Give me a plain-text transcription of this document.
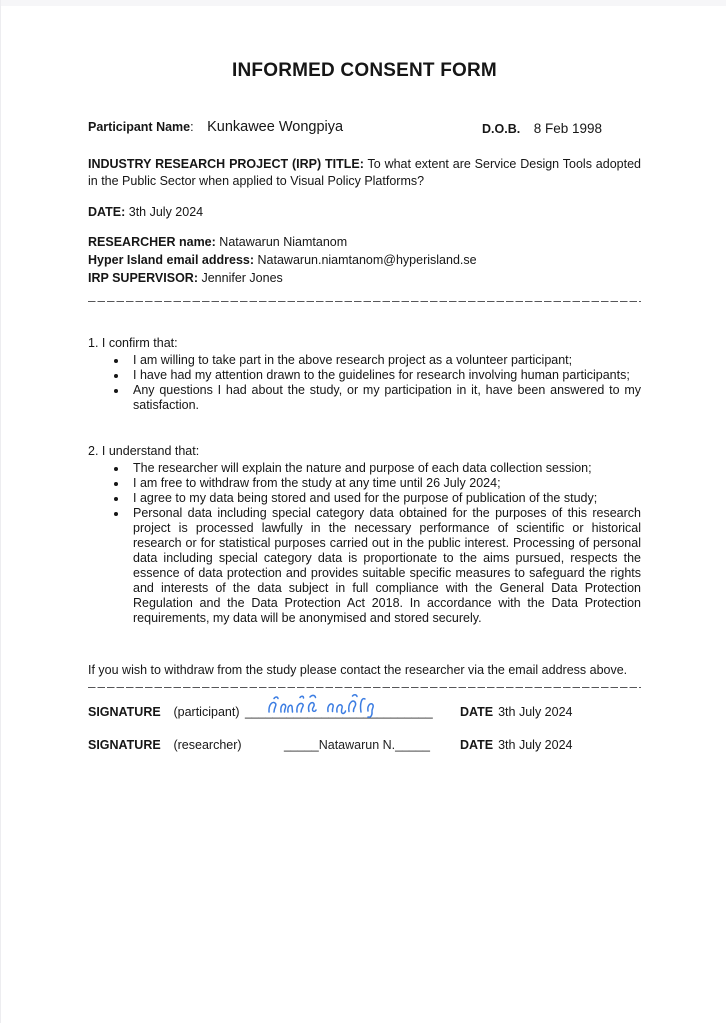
INFORMED CONSENT FORM
Participant Name: Kunkawee Wongpiya	D.O.B. 8 Feb 1998

INDUSTRY RESEARCH PROJECT (IRP) TITLE: To what extent are Service Design Tools adopted in the Public Sector when applied to Visual Policy Platforms?

DATE: 3th July 2024

RESEARCHER name: Natawarun Niamtanom
Hyper Island email address: Natawarun.niamtanom@hyperisland.se
IRP SUPERVISOR: Jennifer Jones
1. I confirm that:
• I am willing to take part in the above research project as a volunteer participant;
• I have had my attention drawn to the guidelines for research involving human participants;
• Any questions I had about the study, or my participation in it, have been answered to my satisfaction.
2. I understand that:
• The researcher will explain the nature and purpose of each data collection session;
• I am free to withdraw from the study at any time until 26 July 2024;
• I agree to my data being stored and used for the purpose of publication of the study;
• Personal data including special category data obtained for the purposes of this research project is processed lawfully in the necessary performance of scientific or historical research or for statistical purposes carried out in the public interest. Processing of personal data including special category data is proportionate to the aims pursued, respects the essence of data protection and provides suitable specific measures to safeguard the rights and interests of the data subject in full compliance with the General Data Protection Regulation and the Data Protection Act 2018. In accordance with the Data Protection requirements, my data will be anonymised and stored securely.

If you wish to withdraw from the study please contact the researcher via the email address above.

SIGNATURE (participant) ___________________________ DATE 3th July 2024
SIGNATURE (researcher)	_____Natawarun N._____ DATE 3th July 2024
